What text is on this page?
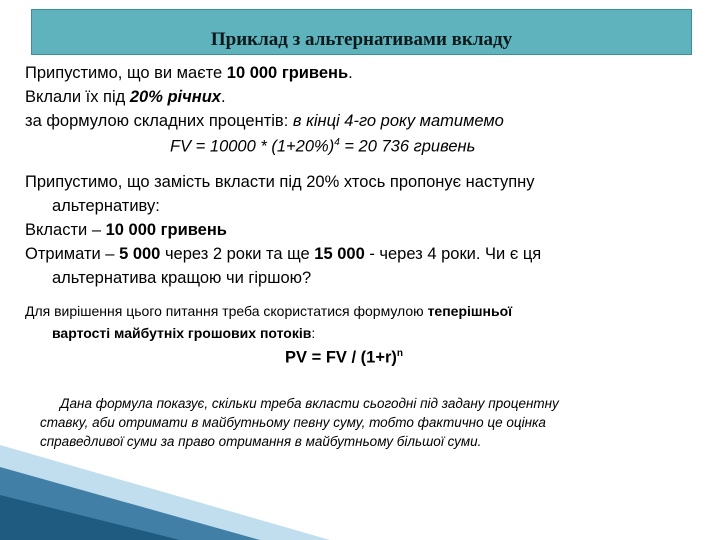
Приклад з альтернативами вкладу
Припустимо, що ви маєте 10 000 гривень.
Вклали їх під 20% річних.
за формулою складних процентів: в кінці 4-го року матимемо
FV = $10000 * (1+20\%)^4 = 20$ 736 гривень
Припустимо, що замість вкласти під 20% хтось пропонує наступну
альтернативу:
Вкласти – 10 000 гривень
Отримати – 5 000 через 2 роки та ще 15 000 - через 4 роки. Чи є ця
альтернатива кращою чи гіршою?
Для вирішення цього питання треба скористатися формулою теперішньої
вартості майбутніх грошових потоків:
PV = FV / $(1+r)^n$
Дана формула показує, скільки треба вкласти сьогодні під задану процентну
ставку, аби отримати в майбутньому певну суму, тобто фактично це оцінка
справедливої суми за право отримання в майбутньому більшої суми.
